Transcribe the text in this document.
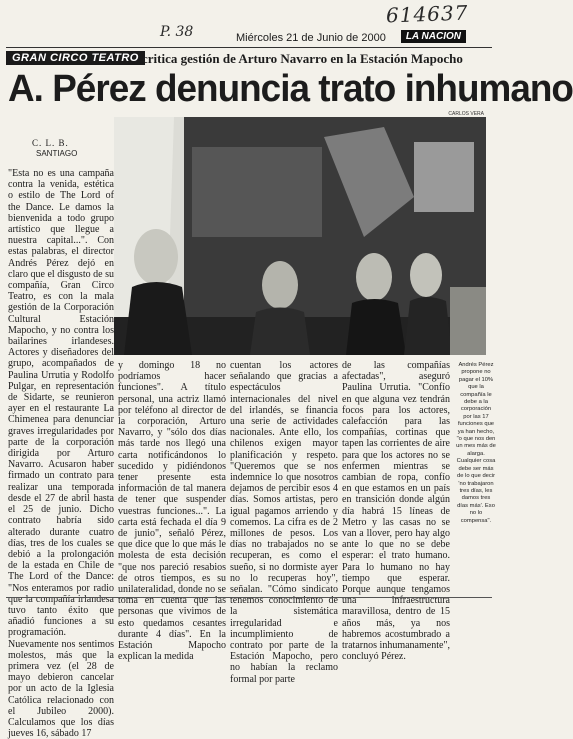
614637
P. 38	Miércoles 21 de Junio de 2000	LA NACION
GRAN CIRCO TEATRO critica gestión de Arturo Navarro en la Estación Mapocho
A. Pérez denuncia trato inhumano
CARLOS VERA
C. L. B.
SANTIAGO
"Esta no es una campaña contra la venida, estética o estilo de The Lord of the Dance. Le damos la bienvenida a todo grupo artístico que llegue a nuestra capital...". Con estas palabras, el director Andrés Pérez dejó en claro que el disgusto de su compañía, Gran Circo Teatro, es con la mala gestión de la Corporación Cultural Estación Mapocho, y no contra los bailarines irlandeses. Actores y diseñadores del grupo, acompañados de Paulina Urrutia y Rodolfo Pulgar, en representación de Sidarte, se reunieron ayer en el restaurante La Chimenea para denunciar graves irregularidades por parte de la corporación dirigida por Arturo Navarro. Acusaron haber firmado un contrato para realizar una temporada desde el 27 de abril hasta el 25 de junio. Dicho contrato habría sido alterado durante cuatro días, tres de los cuales se debió a la prolongación de la estada en Chile de The Lord of the Dance: "Nos enteramos por radio que la compañía irlandesa tuvo tanto éxito que añadió funciones a su programación. Nuevamente nos sentimos molestos, más que la primera vez (el 28 de mayo debieron cancelar por un acto de la Iglesia Católica relacionado con el Jubileo 2000). Calculamos que los días jueves 16, sábado 17
y domingo 18 no podríamos hacer funciones". A título personal, una actriz llamó por teléfono al director de la corporación, Arturo Navarro, y "sólo dos días más tarde nos llegó una carta notificándonos lo sucedido y pidiéndonos tener presente esta información de tal manera de tener que suspender vuestras funciones...". La carta está fechada el día 9 de junio", señaló Pérez, que dice que lo que más le molesta de esta decisión "que nos pareció resabios de otros tiempos, es su unilateralidad, donde no se toma en cuenta que las personas que vivimos de esto quedamos cesantes durante 4 días". En la Estación Mapocho explican la medida
cuentan los actores señalando que gracias a espectáculos internacionales del nivel del irlandés, se financia una serie de actividades nacionales. Ante ello, los chilenos exigen mayor planificación y respeto. "Queremos que se nos indemnice lo que nosotros dejamos de percibir esos 4 días. Somos artistas, pero igual pagamos arriendo y comemos. La cifra es de 2 millones de pesos. Los días no trabajados no se recuperan, es como el sueño, si no dormiste ayer no lo recuperas hoy", señalan. "Cómo sindicato tenemos conocimiento de la sistemática irregularidad e incumplimiento de contrato por parte de la Estación Mapocho, pero no habían la reclamo formal por parte
de las compañías afectadas", aseguró Paulina Urrutia. "Confío en que alguna vez tendrán focos para los actores, calefacción para las compañías, cortinas que tapen las corrientes de aire para que los actores no se enfermen mientras se cambian de ropa, confío en que estamos en un país en transición donde algún día habrá 15 líneas de Metro y las casas no se van a llover, pero hay algo ante lo que no se debe esperar: el trato humano. Para lo humano no hay tiempo que esperar. Porque aunque tengamos una infraestructura maravillosa, dentro de 15 años más, ya nos habremos acostumbrado a tratarnos inhumanamente", concluyó Pérez.
Andrés Pérez propone no pagar el 10% que la compañía le debe a la corporación por las 17 funciones que ya han hecho, "o que nos den un mes más de alarga. Cualquier cosa debe ser más de lo que decir 'no trabajaron tres días, les damos tres días más'. Eso no lo compensa".
